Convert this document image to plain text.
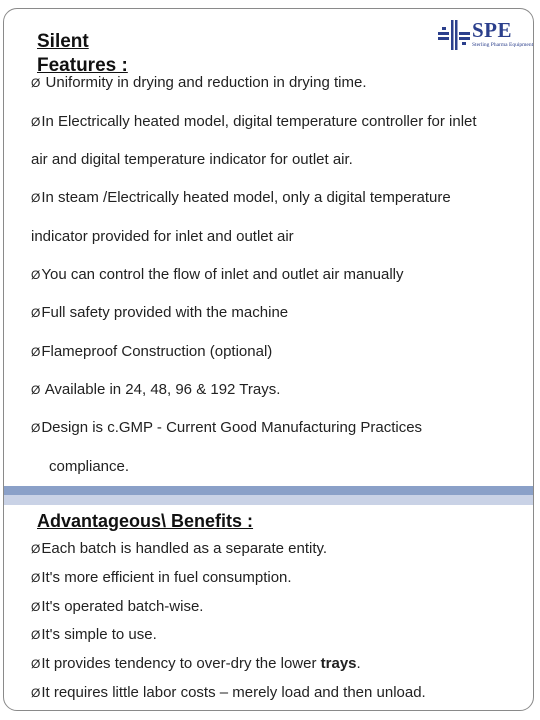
Silent
Features :
SPE
Sterling Pharma Equipment
Ø Uniformity in drying and reduction in drying time.
ØIn Electrically heated model, digital temperature controller for inlet
air and digital temperature indicator for outlet air.
ØIn steam /Electrically heated model, only a digital temperature
indicator provided for inlet and outlet air
ØYou can control the flow of inlet and outlet air manually
ØFull safety provided with the machine
ØFlameproof Construction (optional)
Ø Available in 24, 48, 96 & 192 Trays.
ØDesign is c.GMP - Current Good Manufacturing Practices
compliance.
Advantageous\ Benefits :
ØEach batch is handled as a separate entity.
ØIt's more efficient in fuel consumption.
ØIt's operated batch-wise.
ØIt's simple to use.
ØIt provides tendency to over-dry the lower trays.
ØIt requires little labor costs – merely load and then unload.
